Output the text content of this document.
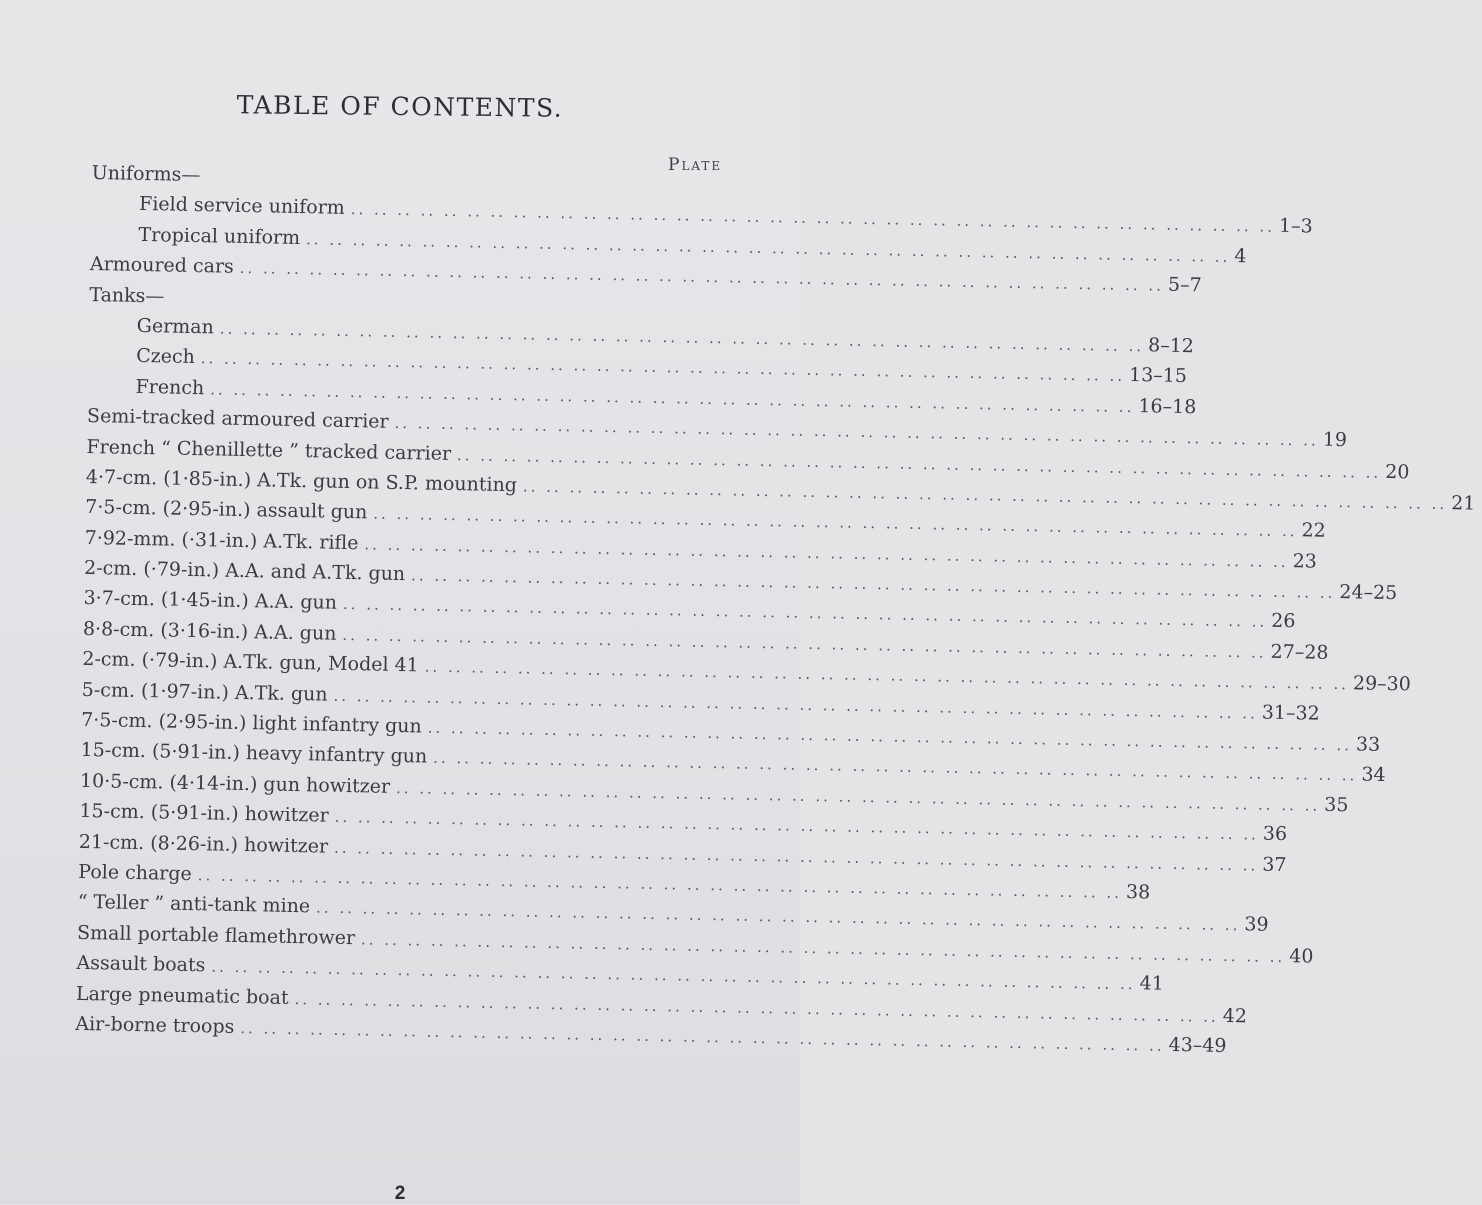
TABLE OF CONTENTS.
Plate
Uniforms—
Field service uniform .. .. .. .. .. .. .. .. .. .. .. .. .. .. .. .. .. .. .. .. .. .. .. .. .. .. .. .. .. .. .. .. .. .. .. .. .. .. .. .. 1–3
Tropical uniform .. .. .. .. .. .. .. .. .. .. .. .. .. .. .. .. .. .. .. .. .. .. .. .. .. .. .. .. .. .. .. .. .. .. .. .. .. .. .. .. 4
Armoured cars .. .. .. .. .. .. .. .. .. .. .. .. .. .. .. .. .. .. .. .. .. .. .. .. .. .. .. .. .. .. .. .. .. .. .. .. .. .. .. .. 5–7
Tanks—
German .. .. .. .. .. .. .. .. .. .. .. .. .. .. .. .. .. .. .. .. .. .. .. .. .. .. .. .. .. .. .. .. .. .. .. .. .. .. .. .. 8–12
Czech .. .. .. .. .. .. .. .. .. .. .. .. .. .. .. .. .. .. .. .. .. .. .. .. .. .. .. .. .. .. .. .. .. .. .. .. .. .. .. .. 13–15
French .. .. .. .. .. .. .. .. .. .. .. .. .. .. .. .. .. .. .. .. .. .. .. .. .. .. .. .. .. .. .. .. .. .. .. .. .. .. .. .. 16–18
Semi-tracked armoured carrier .. .. .. .. .. .. .. .. .. .. .. .. .. .. .. .. .. .. .. .. .. .. .. .. .. .. .. .. .. .. .. .. .. .. .. .. .. .. .. .. 19
French “ Chenillette ” tracked carrier .. .. .. .. .. .. .. .. .. .. .. .. .. .. .. .. .. .. .. .. .. .. .. .. .. .. .. .. .. .. .. .. .. .. .. .. .. .. .. .. 20
4·7-cm. (1·85-in.) A.Tk. gun on S.P. mounting .. .. .. .. .. .. .. .. .. .. .. .. .. .. .. .. .. .. .. .. .. .. .. .. .. .. .. .. .. .. .. .. .. .. .. .. .. .. .. .. 21
7·5-cm. (2·95-in.) assault gun .. .. .. .. .. .. .. .. .. .. .. .. .. .. .. .. .. .. .. .. .. .. .. .. .. .. .. .. .. .. .. .. .. .. .. .. .. .. .. .. 22
7·92-mm. (·31-in.) A.Tk. rifle .. .. .. .. .. .. .. .. .. .. .. .. .. .. .. .. .. .. .. .. .. .. .. .. .. .. .. .. .. .. .. .. .. .. .. .. .. .. .. .. 23
2-cm. (·79-in.) A.A. and A.Tk. gun .. .. .. .. .. .. .. .. .. .. .. .. .. .. .. .. .. .. .. .. .. .. .. .. .. .. .. .. .. .. .. .. .. .. .. .. .. .. .. .. 24–25
3·7-cm. (1·45-in.) A.A. gun .. .. .. .. .. .. .. .. .. .. .. .. .. .. .. .. .. .. .. .. .. .. .. .. .. .. .. .. .. .. .. .. .. .. .. .. .. .. .. .. 26
8·8-cm. (3·16-in.) A.A. gun .. .. .. .. .. .. .. .. .. .. .. .. .. .. .. .. .. .. .. .. .. .. .. .. .. .. .. .. .. .. .. .. .. .. .. .. .. .. .. .. 27–28
2-cm. (·79-in.) A.Tk. gun, Model 41 .. .. .. .. .. .. .. .. .. .. .. .. .. .. .. .. .. .. .. .. .. .. .. .. .. .. .. .. .. .. .. .. .. .. .. .. .. .. .. .. 29–30
5-cm. (1·97-in.) A.Tk. gun .. .. .. .. .. .. .. .. .. .. .. .. .. .. .. .. .. .. .. .. .. .. .. .. .. .. .. .. .. .. .. .. .. .. .. .. .. .. .. .. 31–32
7·5-cm. (2·95-in.) light infantry gun .. .. .. .. .. .. .. .. .. .. .. .. .. .. .. .. .. .. .. .. .. .. .. .. .. .. .. .. .. .. .. .. .. .. .. .. .. .. .. .. 33
15-cm. (5·91-in.) heavy infantry gun .. .. .. .. .. .. .. .. .. .. .. .. .. .. .. .. .. .. .. .. .. .. .. .. .. .. .. .. .. .. .. .. .. .. .. .. .. .. .. .. 34
10·5-cm. (4·14-in.) gun howitzer .. .. .. .. .. .. .. .. .. .. .. .. .. .. .. .. .. .. .. .. .. .. .. .. .. .. .. .. .. .. .. .. .. .. .. .. .. .. .. .. 35
15-cm. (5·91-in.) howitzer .. .. .. .. .. .. .. .. .. .. .. .. .. .. .. .. .. .. .. .. .. .. .. .. .. .. .. .. .. .. .. .. .. .. .. .. .. .. .. .. 36
21-cm. (8·26-in.) howitzer .. .. .. .. .. .. .. .. .. .. .. .. .. .. .. .. .. .. .. .. .. .. .. .. .. .. .. .. .. .. .. .. .. .. .. .. .. .. .. .. 37
Pole charge .. .. .. .. .. .. .. .. .. .. .. .. .. .. .. .. .. .. .. .. .. .. .. .. .. .. .. .. .. .. .. .. .. .. .. .. .. .. .. .. 38
“ Teller ” anti-tank mine .. .. .. .. .. .. .. .. .. .. .. .. .. .. .. .. .. .. .. .. .. .. .. .. .. .. .. .. .. .. .. .. .. .. .. .. .. .. .. .. 39
Small portable flamethrower .. .. .. .. .. .. .. .. .. .. .. .. .. .. .. .. .. .. .. .. .. .. .. .. .. .. .. .. .. .. .. .. .. .. .. .. .. .. .. .. 40
Assault boats .. .. .. .. .. .. .. .. .. .. .. .. .. .. .. .. .. .. .. .. .. .. .. .. .. .. .. .. .. .. .. .. .. .. .. .. .. .. .. .. 41
Large pneumatic boat .. .. .. .. .. .. .. .. .. .. .. .. .. .. .. .. .. .. .. .. .. .. .. .. .. .. .. .. .. .. .. .. .. .. .. .. .. .. .. .. 42
Air-borne troops .. .. .. .. .. .. .. .. .. .. .. .. .. .. .. .. .. .. .. .. .. .. .. .. .. .. .. .. .. .. .. .. .. .. .. .. .. .. .. .. 43–49
2
